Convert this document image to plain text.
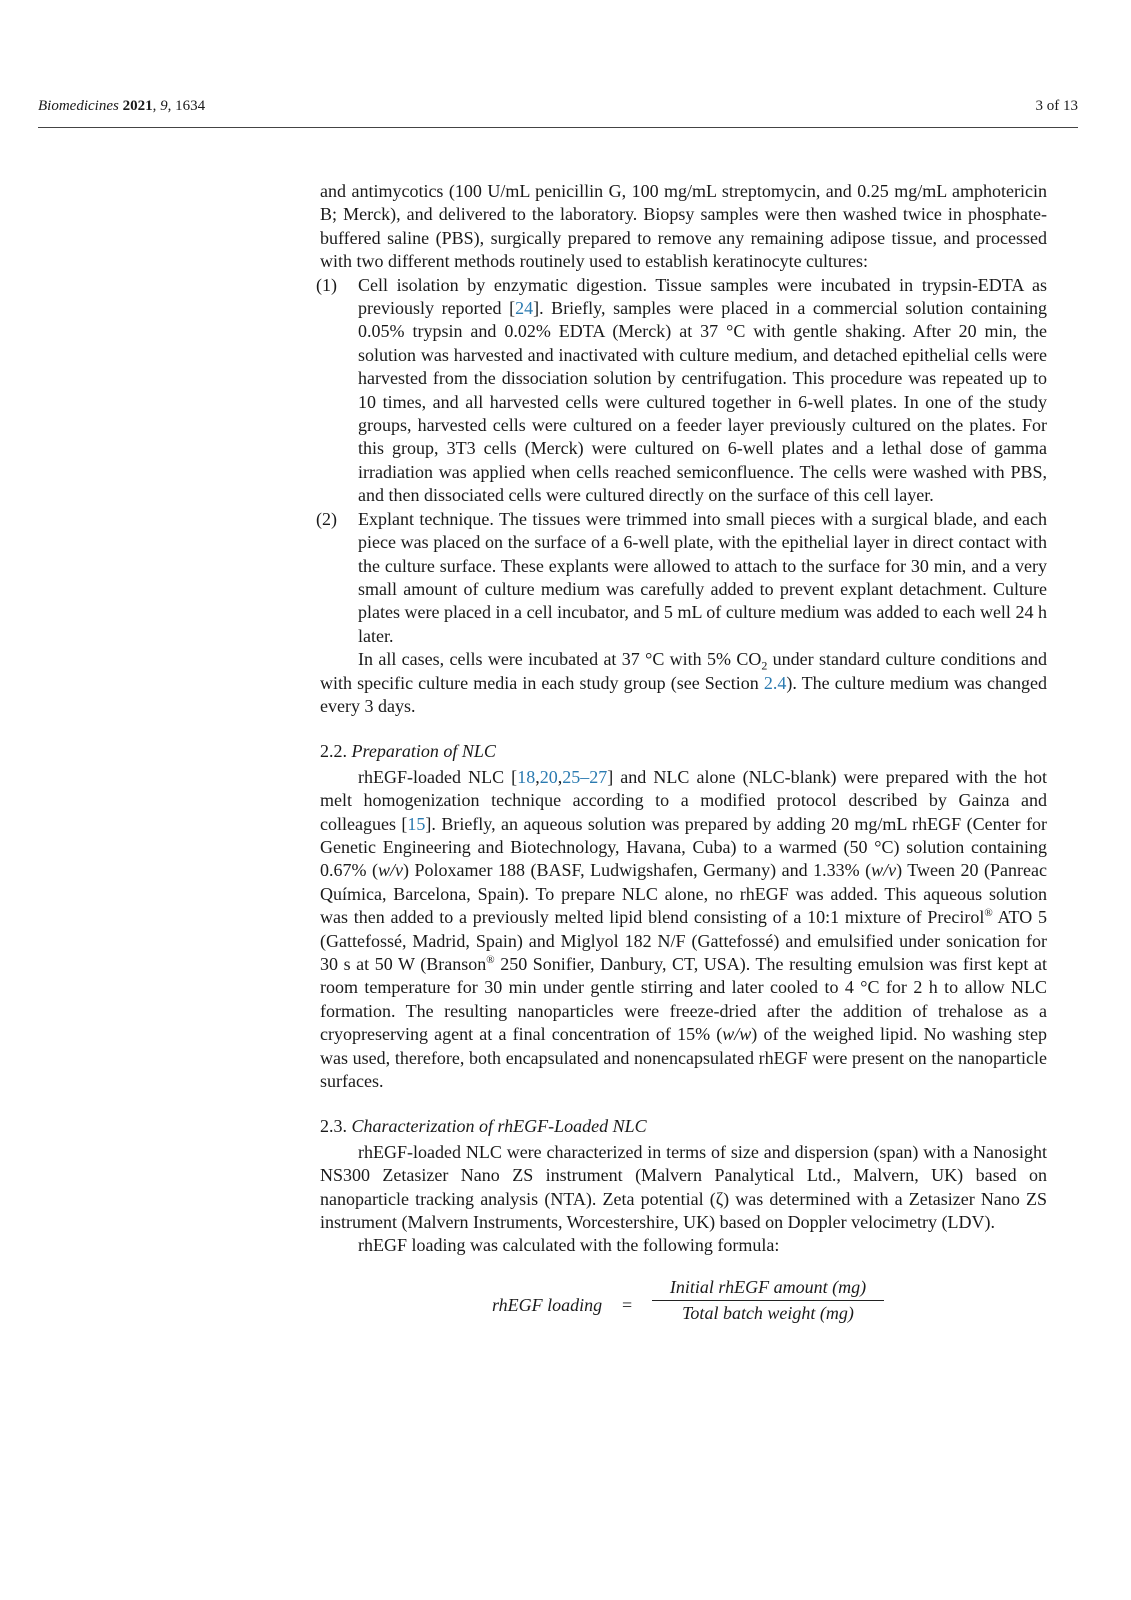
Biomedicines 2021, 9, 1634	3 of 13

and antimycotics (100 U/mL penicillin G, 100 mg/mL streptomycin, and 0.25 mg/mL amphotericin B; Merck), and delivered to the laboratory. Biopsy samples were then washed twice in phosphate-buffered saline (PBS), surgically prepared to remove any remaining adipose tissue, and processed with two different methods routinely used to establish keratinocyte cultures:

(1) Cell isolation by enzymatic digestion. Tissue samples were incubated in trypsin-EDTA as previously reported [24]. Briefly, samples were placed in a commercial solution containing 0.05% trypsin and 0.02% EDTA (Merck) at 37 °C with gentle shaking. After 20 min, the solution was harvested and inactivated with culture medium, and detached epithelial cells were harvested from the dissociation solution by centrifugation. This procedure was repeated up to 10 times, and all harvested cells were cultured together in 6-well plates. In one of the study groups, harvested cells were cultured on a feeder layer previously cultured on the plates. For this group, 3T3 cells (Merck) were cultured on 6-well plates and a lethal dose of gamma irradiation was applied when cells reached semiconfluence. The cells were washed with PBS, and then dissociated cells were cultured directly on the surface of this cell layer.
(2) Explant technique. The tissues were trimmed into small pieces with a surgical blade, and each piece was placed on the surface of a 6-well plate, with the epithelial layer in direct contact with the culture surface. These explants were allowed to attach to the surface for 30 min, and a very small amount of culture medium was carefully added to prevent explant detachment. Culture plates were placed in a cell incubator, and 5 mL of culture medium was added to each well 24 h later.

In all cases, cells were incubated at 37 °C with 5% $CO_2$ under standard culture conditions and with specific culture media in each study group (see Section 2.4). The culture medium was changed every 3 days.

2.2. Preparation of NLC

rhEGF-loaded NLC [18,20,25–27] and NLC alone (NLC-blank) were prepared with the hot melt homogenization technique according to a modified protocol described by Gainza and colleagues [15]. Briefly, an aqueous solution was prepared by adding 20 mg/mL rhEGF (Center for Genetic Engineering and Biotechnology, Havana, Cuba) to a warmed (50 °C) solution containing 0.67% (w/v) Poloxamer 188 (BASF, Ludwigshafen, Germany) and 1.33% (w/v) Tween 20 (Panreac Química, Barcelona, Spain). To prepare NLC alone, no rhEGF was added. This aqueous solution was then added to a previously melted lipid blend consisting of a 10:1 mixture of Precirol® ATO 5 (Gattefossé, Madrid, Spain) and Miglyol 182 N/F (Gattefossé) and emulsified under sonication for 30 s at 50 W (Branson® 250 Sonifier, Danbury, CT, USA). The resulting emulsion was first kept at room temperature for 30 min under gentle stirring and later cooled to 4 °C for 2 h to allow NLC formation. The resulting nanoparticles were freeze-dried after the addition of trehalose as a cryopreserving agent at a final concentration of 15% (w/w) of the weighed lipid. No washing step was used, therefore, both encapsulated and nonencapsulated rhEGF were present on the nanoparticle surfaces.

2.3. Characterization of rhEGF-Loaded NLC

rhEGF-loaded NLC were characterized in terms of size and dispersion (span) with a Nanosight NS300 Zetasizer Nano ZS instrument (Malvern Panalytical Ltd., Malvern, UK) based on nanoparticle tracking analysis (NTA). Zeta potential (ζ) was determined with a Zetasizer Nano ZS instrument (Malvern Instruments, Worcestershire, UK) based on Doppler velocimetry (LDV).

rhEGF loading was calculated with the following formula:

rhEGF loading =
Initial rhEGF amount (mg)
Total batch weight (mg)
